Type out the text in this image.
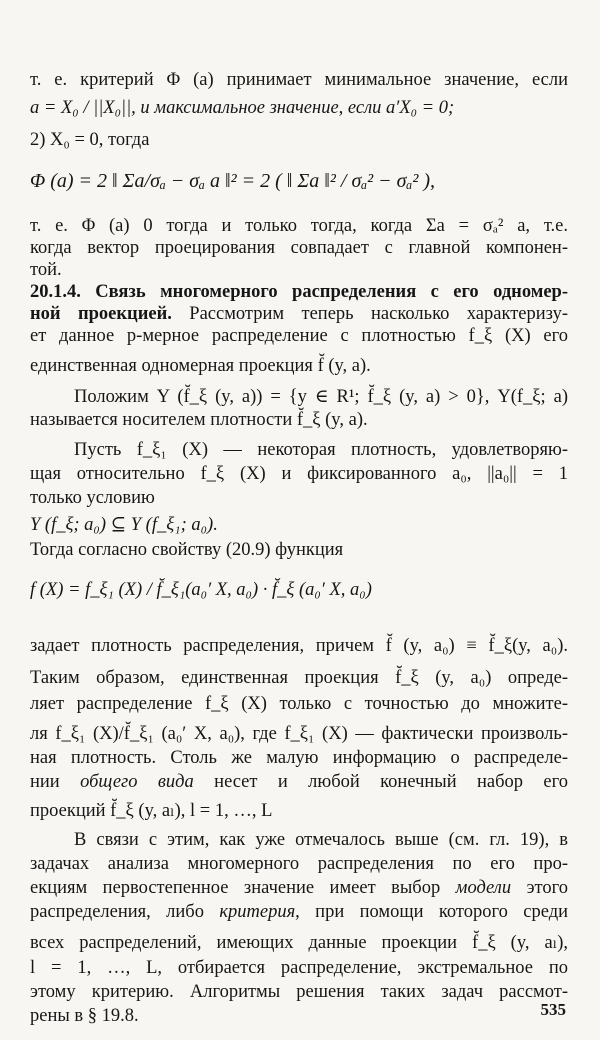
т. е. критерий Φ (a) принимает минимальное значение, если
a = X₀ / ||X₀||, и максимальное значение, если a′X₀ = 0;
2) X₀ = 0, тогда
Φ (a) = 2 ‖ Σa/σₐ − σₐ a ‖² = 2 ( ‖ Σa ‖² / σₐ² − σₐ² ),
т. е. Φ (a) 0 тогда и только тогда, когда Σa = σₐ² a, т.е.
когда вектор проецирования совпадает с главной компонен-
той.
20.1.4. Связь многомерного распределения с его одномер-
ной проекцией. Рассмотрим теперь насколько характеризу-
ет данное p-мерное распределение с плотностью f_ξ (X) его
единственная одномерная проекция f̆ (y, a).
Положим Y (f̆_ξ (y, a)) = {y ∈ R¹; f̆_ξ (y, a) > 0}, Y(f_ξ; a)
называется носителем плотности f̆_ξ (y, a).
Пусть f_ξ₁ (X) — некоторая плотность, удовлетворяю-
щая относительно f_ξ (X) и фиксированного a₀, ||a₀|| = 1
только условию
Y (f_ξ; a₀) ⊆ Y (f_ξ₁; a₀).
Тогда согласно свойству (20.9) функция
f (X) = f_ξ₁ (X) / f̆_ξ₁(a₀′ X, a₀) · f̆_ξ (a₀′ X, a₀)
задает плотность распределения, причем f̆ (y, a₀) ≡ f̆_ξ(y, a₀).
Таким образом, единственная проекция f̆_ξ (y, a₀) опреде-
ляет распределение f_ξ (X) только с точностью до множите-
ля f_ξ₁ (X)/f̆_ξ₁ (a₀′ X, a₀), где f_ξ₁ (X) — фактически произволь-
ная плотность. Столь же малую информацию о распределе-
нии общего вида несет и любой конечный набор его
проекций f̆_ξ (y, aₗ), l = 1, …, L
В связи с этим, как уже отмечалось выше (см. гл. 19), в
задачах анализа многомерного распределения по его про-
екциям первостепенное значение имеет выбор модели этого
распределения, либо критерия, при помощи которого среди
всех распределений, имеющих данные проекции f̆_ξ (y, aₗ),
l = 1, …, L, отбирается распределение, экстремальное по
этому критерию. Алгоритмы решения таких задач рассмот-
рены в § 19.8.	535
